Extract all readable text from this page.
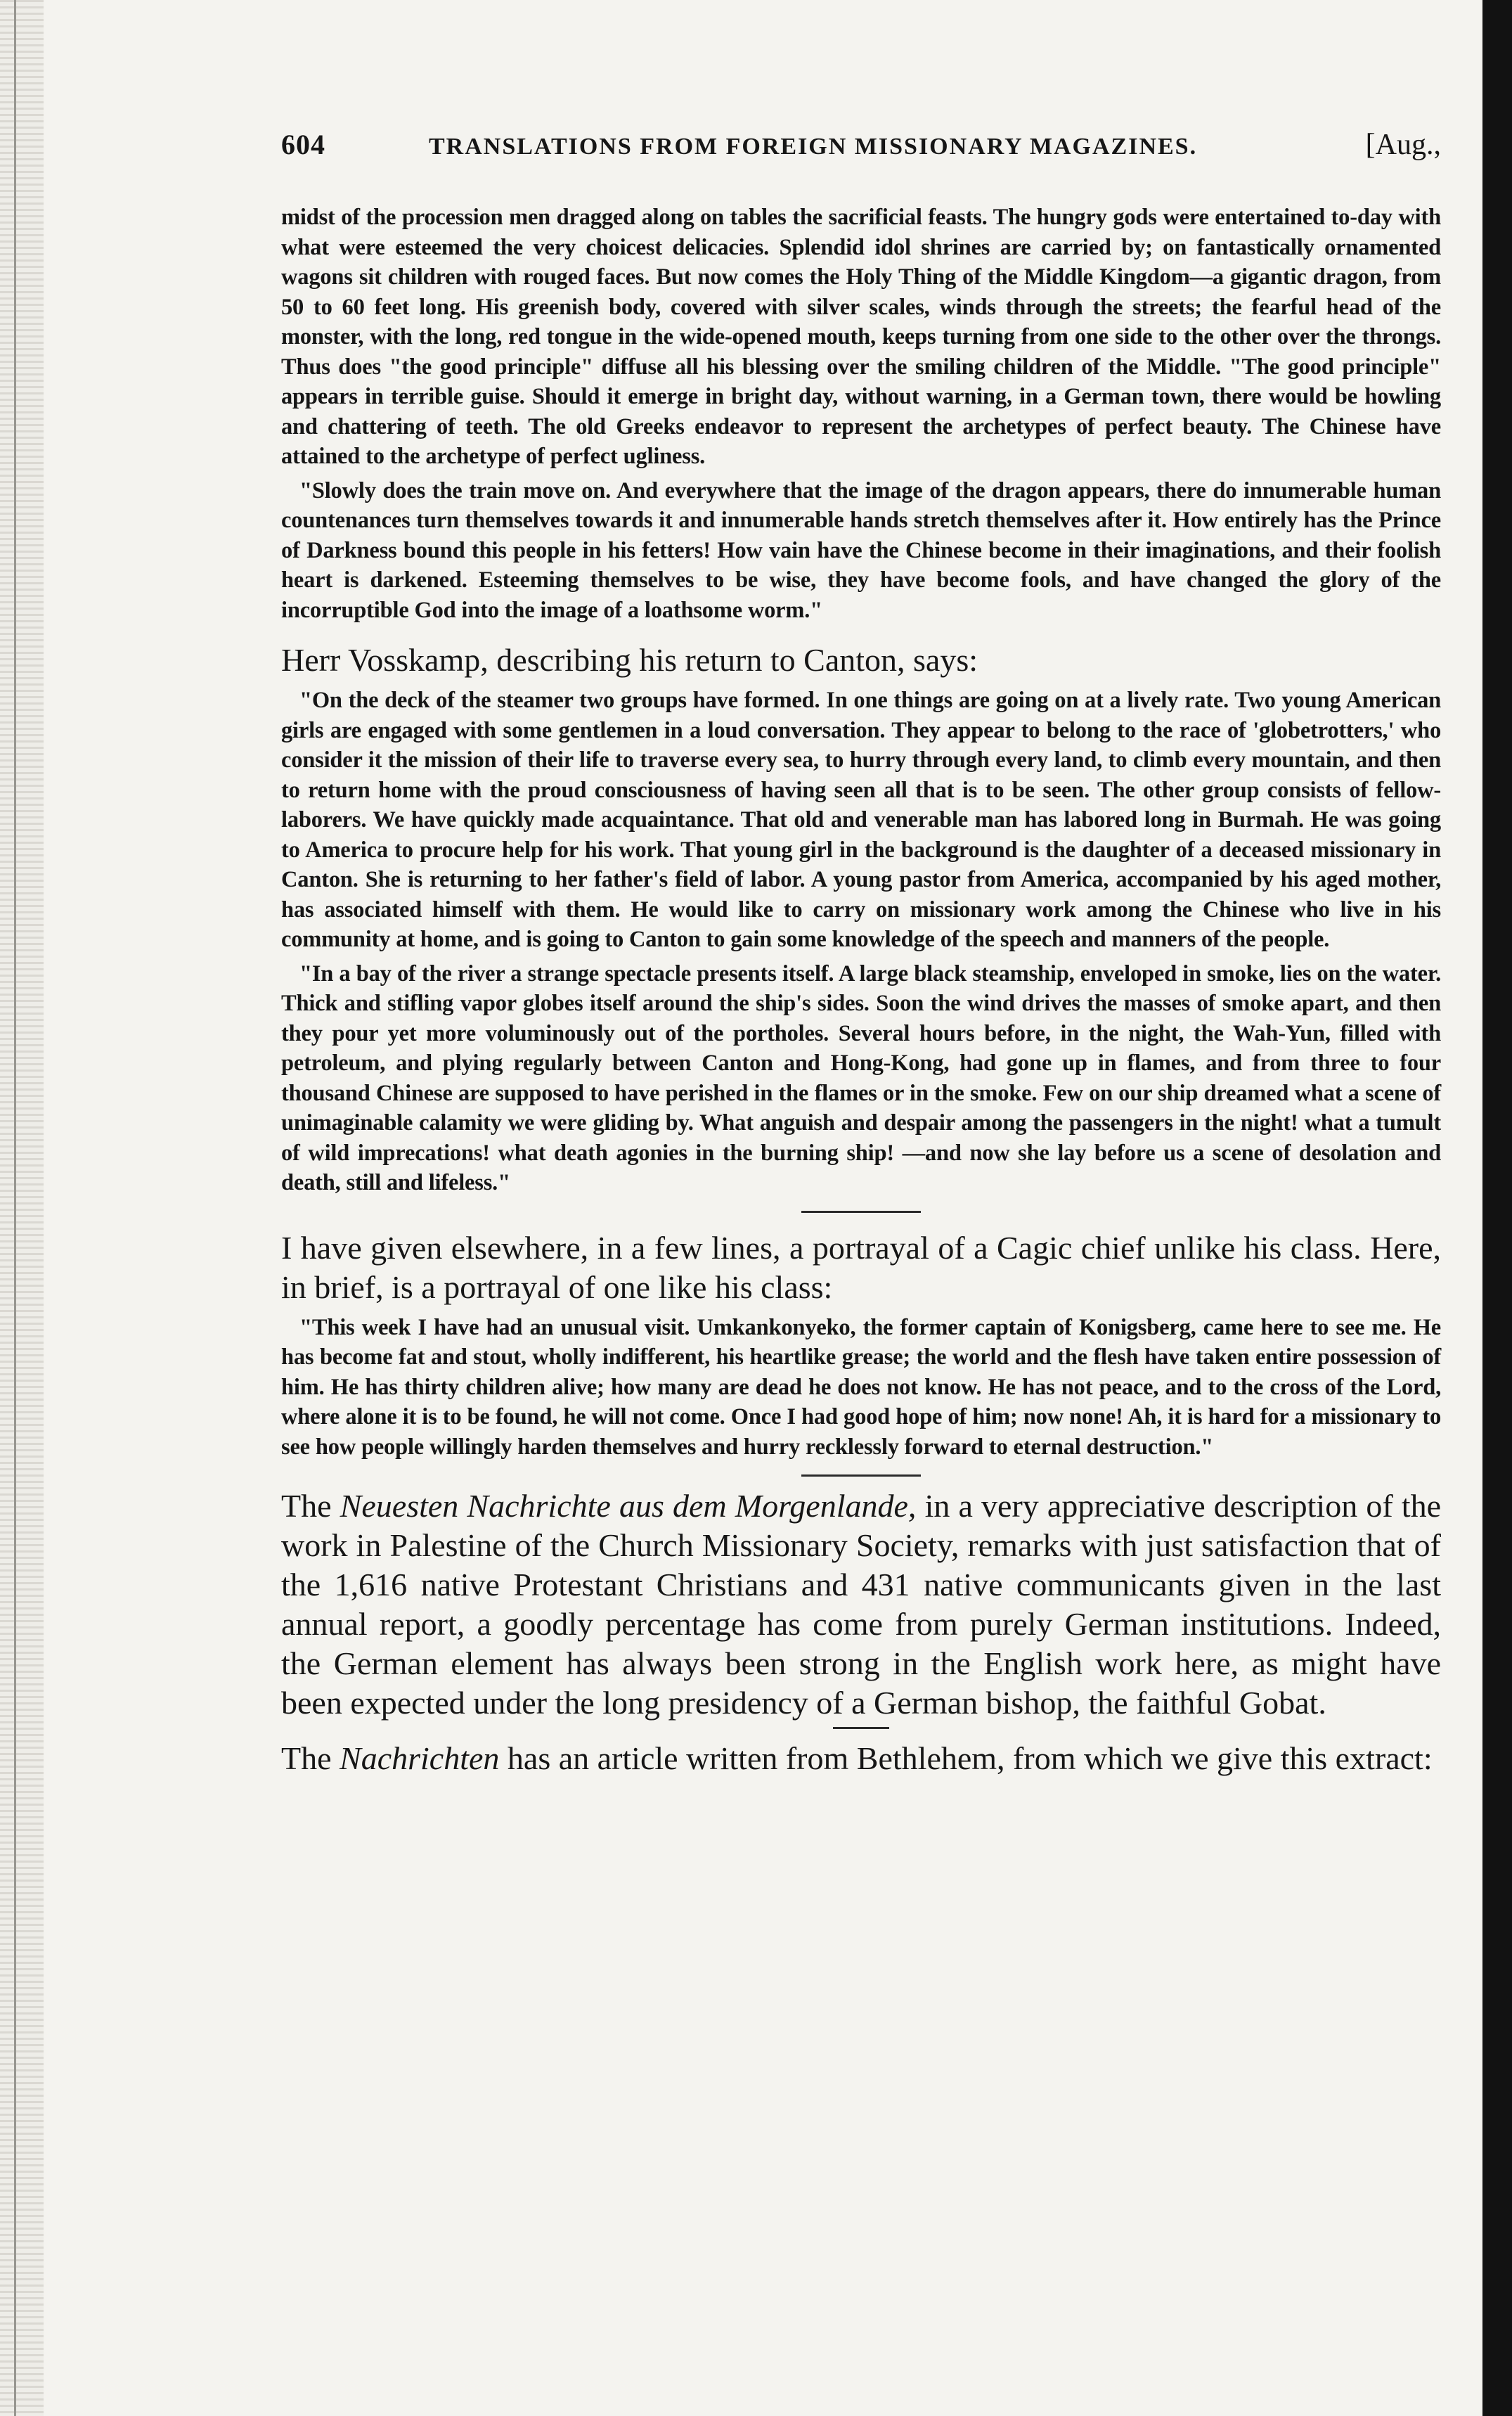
604	TRANSLATIONS FROM FOREIGN MISSIONARY MAGAZINES.	[Aug.,

midst of the procession men dragged along on tables the sacrificial feasts. The hungry gods were entertained to-day with what were esteemed the very choicest delicacies. Splendid idol shrines are carried by; on fantastically ornamented wagons sit children with rouged faces. But now comes the Holy Thing of the Middle Kingdom—a gigantic dragon, from 50 to 60 feet long. His greenish body, covered with silver scales, winds through the streets; the fearful head of the monster, with the long, red tongue in the wide-opened mouth, keeps turning from one side to the other over the throngs. Thus does "the good principle" diffuse all his blessing over the smiling children of the Middle. "The good principle" appears in terrible guise. Should it emerge in bright day, without warning, in a German town, there would be howling and chattering of teeth. The old Greeks endeavor to represent the archetypes of perfect beauty. The Chinese have attained to the archetype of perfect ugliness.

"Slowly does the train move on. And everywhere that the image of the dragon appears, there do innumerable human countenances turn themselves towards it and innumerable hands stretch themselves after it. How entirely has the Prince of Darkness bound this people in his fetters! How vain have the Chinese become in their imaginations, and their foolish heart is darkened. Esteeming themselves to be wise, they have become fools, and have changed the glory of the incorruptible God into the image of a loathsome worm."

Herr Vosskamp, describing his return to Canton, says:

"On the deck of the steamer two groups have formed. In one things are going on at a lively rate. Two young American girls are engaged with some gentlemen in a loud conversation. They appear to belong to the race of 'globetrotters,' who consider it the mission of their life to traverse every sea, to hurry through every land, to climb every mountain, and then to return home with the proud consciousness of having seen all that is to be seen. The other group consists of fellow-laborers. We have quickly made acquaintance. That old and venerable man has labored long in Burmah. He was going to America to procure help for his work. That young girl in the background is the daughter of a deceased missionary in Canton. She is returning to her father's field of labor. A young pastor from America, accompanied by his aged mother, has associated himself with them. He would like to carry on missionary work among the Chinese who live in his community at home, and is going to Canton to gain some knowledge of the speech and manners of the people.

"In a bay of the river a strange spectacle presents itself. A large black steamship, enveloped in smoke, lies on the water. Thick and stifling vapor globes itself around the ship's sides. Soon the wind drives the masses of smoke apart, and then they pour yet more voluminously out of the portholes. Several hours before, in the night, the Wah-Yun, filled with petroleum, and plying regularly between Canton and Hong-Kong, had gone up in flames, and from three to four thousand Chinese are supposed to have perished in the flames or in the smoke. Few on our ship dreamed what a scene of unimaginable calamity we were gliding by. What anguish and despair among the passengers in the night! what a tumult of wild imprecations! what death agonies in the burning ship! —and now she lay before us a scene of desolation and death, still and lifeless."

I have given elsewhere, in a few lines, a portrayal of a Cagic chief unlike his class. Here, in brief, is a portrayal of one like his class:

"This week I have had an unusual visit. Umkankonyeko, the former captain of Konigsberg, came here to see me. He has become fat and stout, wholly indifferent, his heartlike grease; the world and the flesh have taken entire possession of him. He has thirty children alive; how many are dead he does not know. He has not peace, and to the cross of the Lord, where alone it is to be found, he will not come. Once I had good hope of him; now none! Ah, it is hard for a missionary to see how people willingly harden themselves and hurry recklessly forward to eternal destruction."

The Neuesten Nachrichte aus dem Morgenlande, in a very appreciative description of the work in Palestine of the Church Missionary Society, remarks with just satisfaction that of the 1,616 native Protestant Christians and 431 native communicants given in the last annual report, a goodly percentage has come from purely German institutions. Indeed, the German element has always been strong in the English work here, as might have been expected under the long presidency of a German bishop, the faithful Gobat.

The Nachrichten has an article written from Bethlehem, from which we give this extract:
